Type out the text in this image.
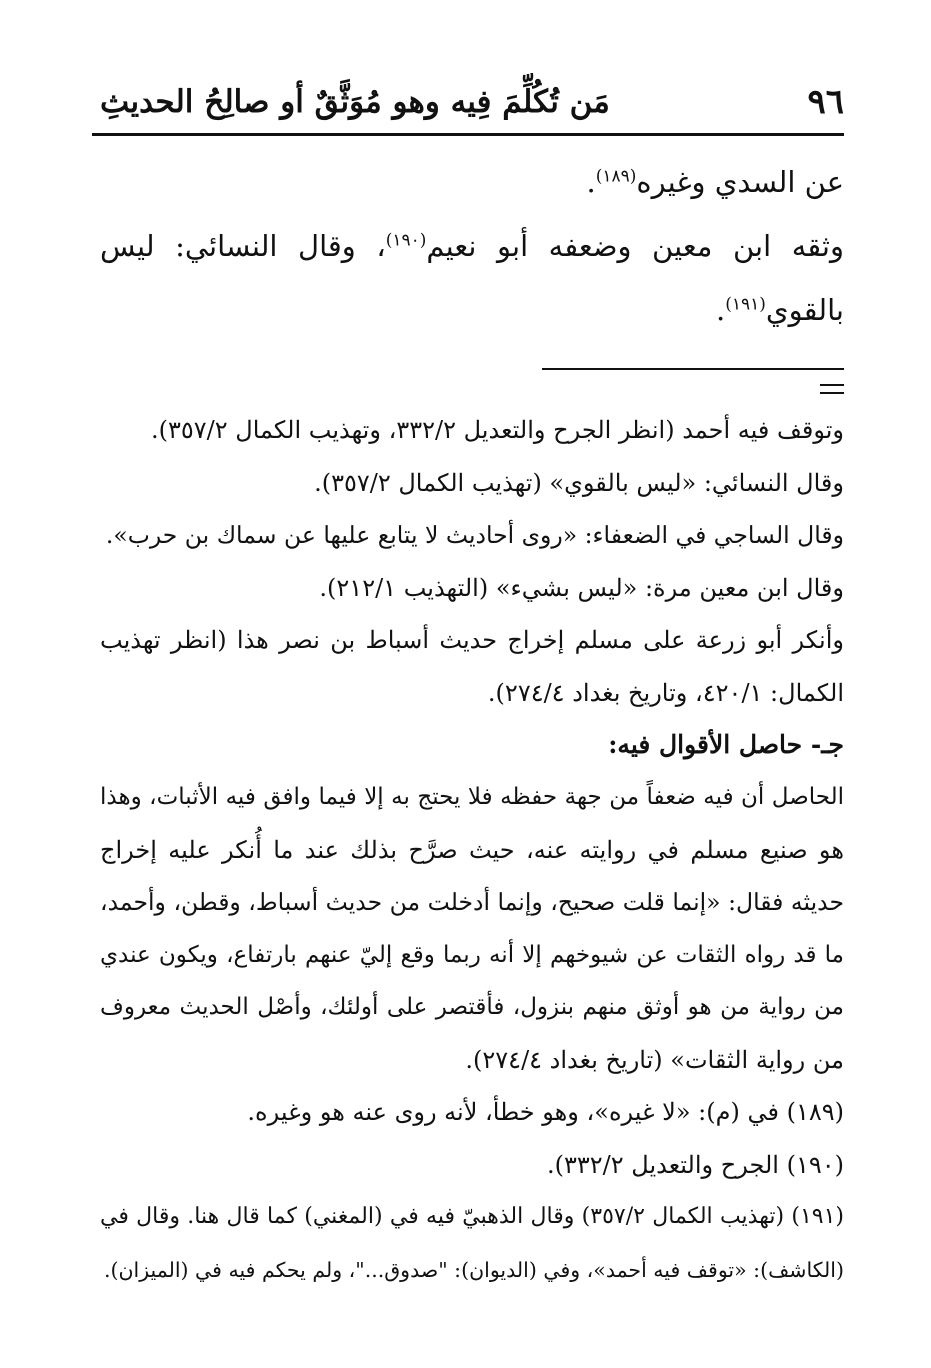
٩٦
مَن تُكُلِّمَ فِيه وهو مُوَثَّقٌ أو صالِحُ الحديثِ
عن السدي وغيره$^{(١٨٩)}$.
وثقه ابن معين وضعفه أبو نعيم$^{(١٩٠)}$، وقال النسائي: ليس
بالقوي$^{(١٩١)}$.
وتوقف فيه أحمد (انظر الجرح والتعديل ٣٣٢/٢، وتهذيب الكمال ٣٥٧/٢).
وقال النسائي: «ليس بالقوي» (تهذيب الكمال ٣٥٧/٢).
وقال الساجي في الضعفاء: «روى أحاديث لا يتابع عليها عن سماك بن حرب».
وقال ابن معين مرة: «ليس بشيء» (التهذيب ٢١٢/١).
وأنكر أبو زرعة على مسلم إخراج حديث أسباط بن نصر هذا (انظر تهذيب
الكمال: ٤٢٠/١، وتاريخ بغداد ٢٧٤/٤).
جـ- حاصل الأقوال فيه:
الحاصل أن فيه ضعفاً من جهة حفظه فلا يحتج به إلا فيما وافق فيه الأثبات، وهذا
هو صنيع مسلم في روايته عنه، حيث صرَّح بذلك عند ما أُنكر عليه إخراج
حديثه فقال: «إنما قلت صحيح، وإنما أدخلت من حديث أسباط، وقطن، وأحمد،
ما قد رواه الثقات عن شيوخهم إلا أنه ربما وقع إليّ عنهم بارتفاع، ويكون عندي
من رواية من هو أوثق منهم بنزول، فأقتصر على أولئك، وأصْل الحديث معروف
من رواية الثقات» (تاريخ بغداد ٢٧٤/٤).
(١٨٩) في (م): «لا غيره»، وهو خطأ، لأنه روى عنه هو وغيره.
(١٩٠) الجرح والتعديل ٣٣٢/٢).
(١٩١) (تهذيب الكمال ٣٥٧/٢) وقال الذهبيّ فيه في (المغني) كما قال هنا. وقال في
(الكاشف): «توقف فيه أحمد»، وفي (الديوان): "صدوق..."، ولم يحكم فيه في (الميزان).
